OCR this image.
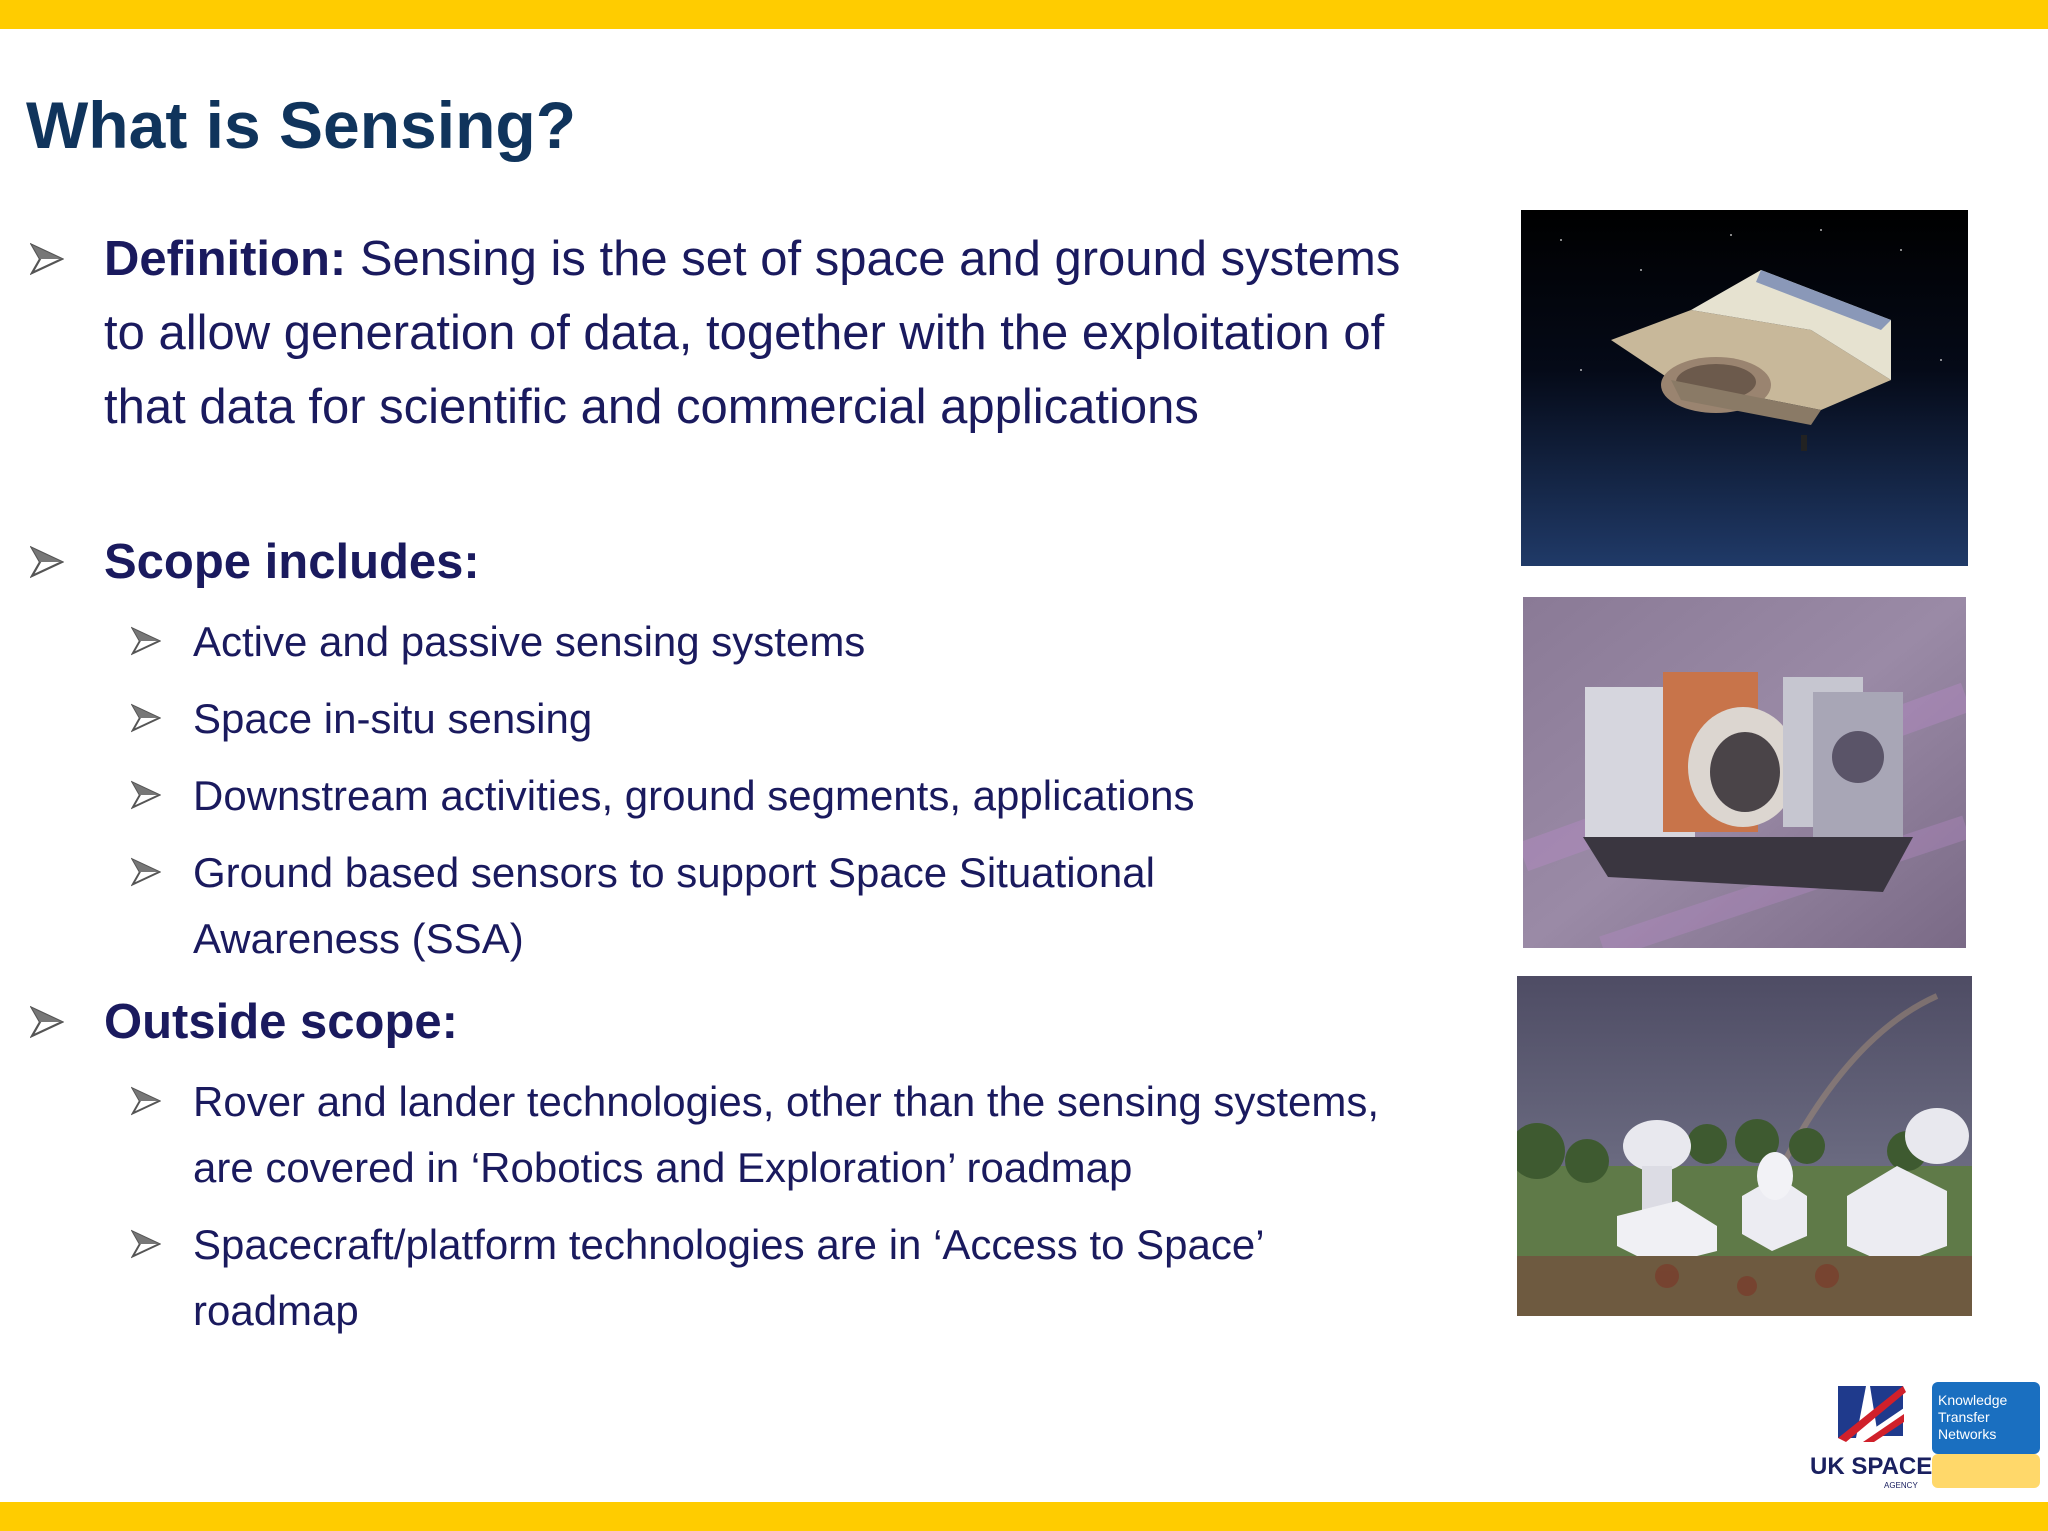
What is Sensing?
Definition: Sensing is the set of space and ground systems to allow generation of data, together with the exploitation of that data for scientific and commercial applications
Scope includes:
Active and passive sensing systems
Space in-situ sensing
Downstream activities, ground segments, applications
Ground based sensors to support Space Situational Awareness (SSA)
Outside scope:
Rover and lander technologies, other than the sensing systems, are covered in ‘Robotics and Exploration’ roadmap
Spacecraft/platform technologies are in ‘Access to Space’ roadmap
Knowledge
Transfer
Networks
UK SPACE
AGENCY
